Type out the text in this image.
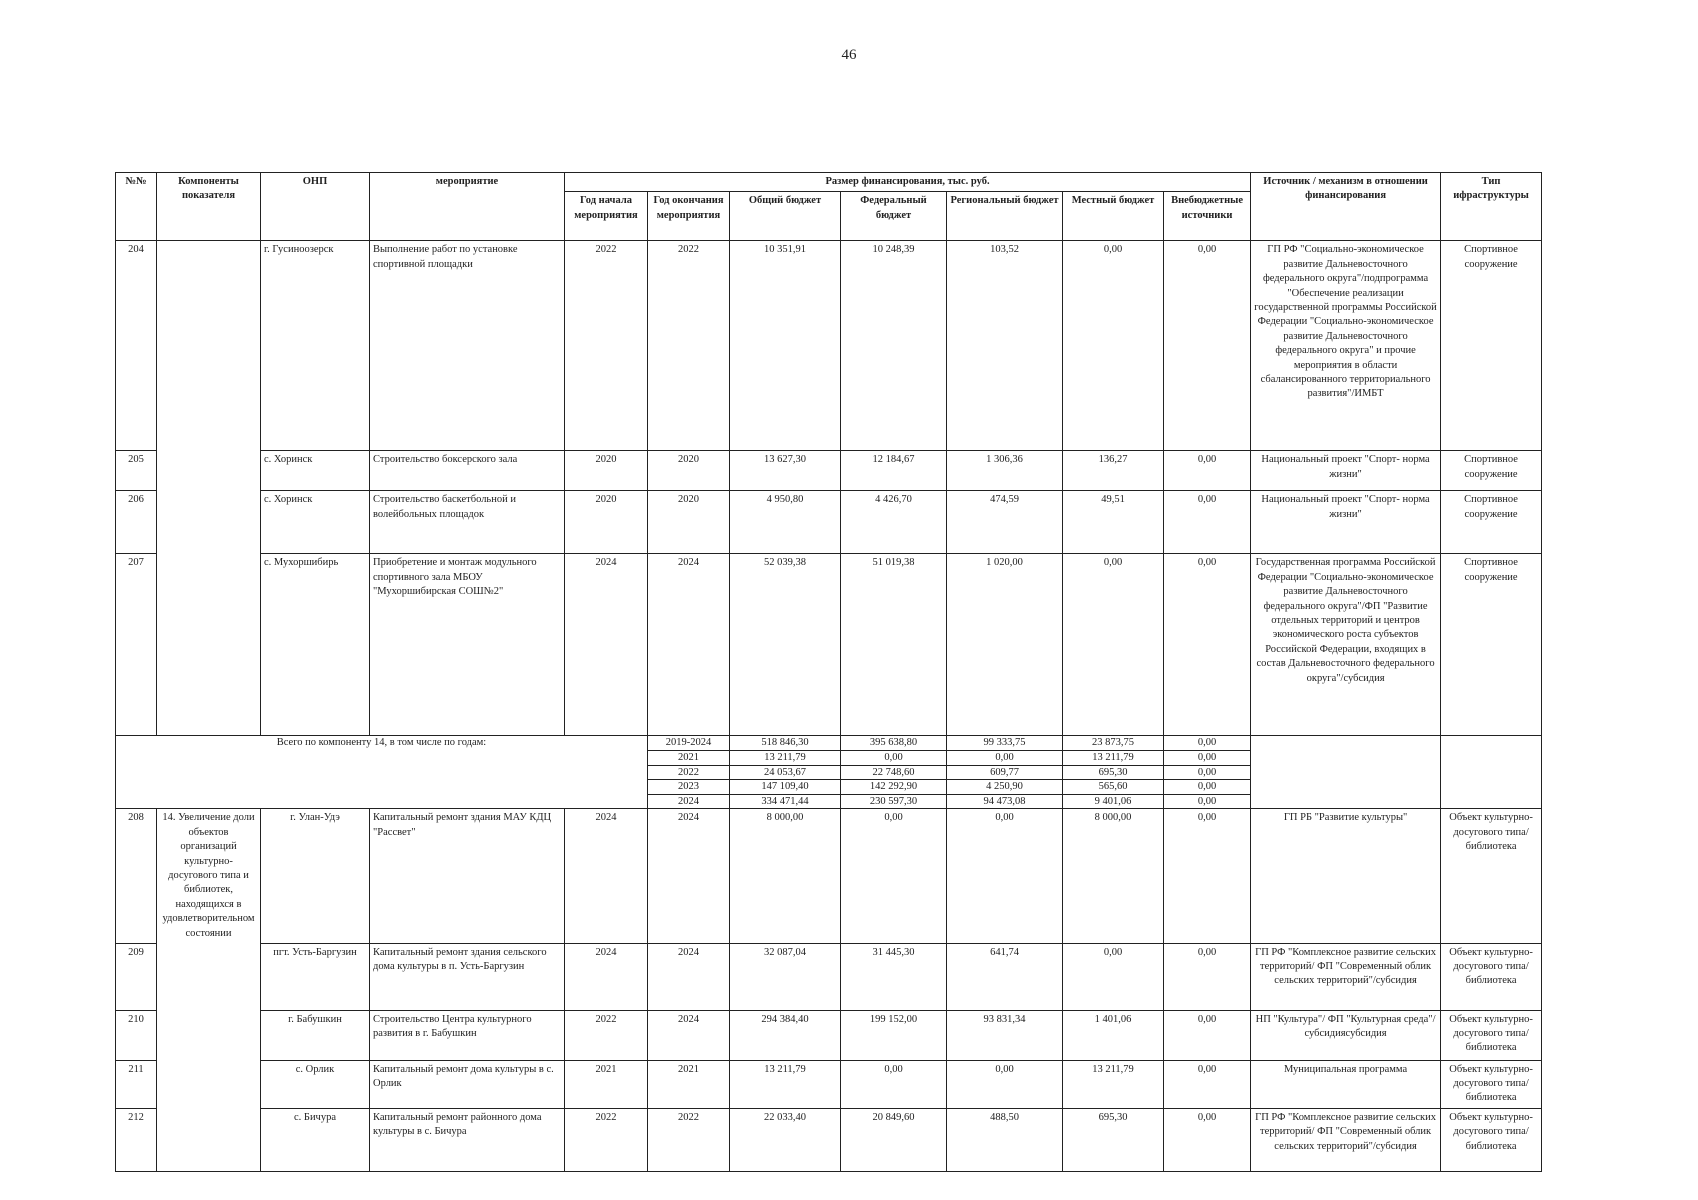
46
№№	Компоненты показателя	ОНП	мероприятие	Размер финансирования, тыс. руб.							Источник / механизм в отношении финансирования	Тип ифраструктуры
				Год начала мероприятия	Год окончания мероприятия	Общий бюджет	Федеральный бюджет	Региональный бюджет	Местный бюджет	Внебюджетные источники		
204		г. Гусиноозерск	Выполнение работ по установке спортивной площадки	2022	2022	10 351,91	10 248,39	103,52	0,00	0,00	ГП РФ "Социально-экономическое развитие Дальневосточного федерального округа"/подпрограмма "Обеспечение реализации государственной программы Российской Федерации "Социально-экономическое развитие Дальневосточного федерального округа" и прочие мероприятия в области сбалансированного территориального развития"/ИМБТ	Спортивное сооружение
205		с. Хоринск	Строительство боксерского зала	2020	2020	13 627,30	12 184,67	1 306,36	136,27	0,00	Национальный проект "Спорт- норма жизни"	Спортивное сооружение
206		с. Хоринск	Строительство баскетбольной и волейбольных площадок	2020	2020	4 950,80	4 426,70	474,59	49,51	0,00	Национальный проект "Спорт- норма жизни"	Спортивное сооружение
207		с. Мухоршибирь	Приобретение и монтаж модульного спортивного зала МБОУ "Мухоршибирская СОШ№2"	2024	2024	52 039,38	51 019,38	1 020,00	0,00	0,00	Государственная программа Российской Федерации "Социально-экономическое развитие Дальневосточного федерального округа"/ФП "Развитие отдельных территорий и центров экономического роста субъектов Российской Федерации, входящих в состав Дальневосточного федерального округа"/субсидия	Спортивное сооружение
Всего по компоненту 14, в том числе по годам:					2019-2024	518 846,30	395 638,80	99 333,75	23 873,75	0,00		
					2021	13 211,79	0,00	0,00	13 211,79	0,00		
					2022	24 053,67	22 748,60	609,77	695,30	0,00		
					2023	147 109,40	142 292,90	4 250,90	565,60	0,00		
					2024	334 471,44	230 597,30	94 473,08	9 401,06	0,00		
208	14. Увеличение доли объектов организаций культурно-досугового типа и библиотек, находящихся в удовлетворительном состоянии	г. Улан-Удэ	Капитальный ремонт здания МАУ КДЦ "Рассвет"	2024	2024	8 000,00	0,00	0,00	8 000,00	0,00	ГП РБ "Развитие культуры"	Объект культурно-досугового типа/библиотека
209		пгт. Усть-Баргузин	Капитальный ремонт здания сельского дома культуры в п. Усть-Баргузин	2024	2024	32 087,04	31 445,30	641,74	0,00	0,00	ГП РФ "Комплексное развитие сельских территорий/ ФП "Современный облик сельских территорий"/субсидия	Объект культурно-досугового типа/библиотека
210		г. Бабушкин	Строительство Центра культурного развития в г. Бабушкин	2022	2024	294 384,40	199 152,00	93 831,34	1 401,06	0,00	НП "Культура"/ ФП "Культурная среда"/субсидиясубсидия	Объект культурно-досугового типа/библиотека
211		с. Орлик	Капитальный ремонт дома культуры в с. Орлик	2021	2021	13 211,79	0,00	0,00	13 211,79	0,00	Муниципальная программа	Объект культурно-досугового типа/библиотека
212		с. Бичура	Капитальный ремонт районного дома культуры в с. Бичура	2022	2022	22 033,40	20 849,60	488,50	695,30	0,00	ГП РФ "Комплексное развитие сельских территорий/ ФП "Современный облик сельских территорий"/субсидия	Объект культурно-досугового типа/библиотека
